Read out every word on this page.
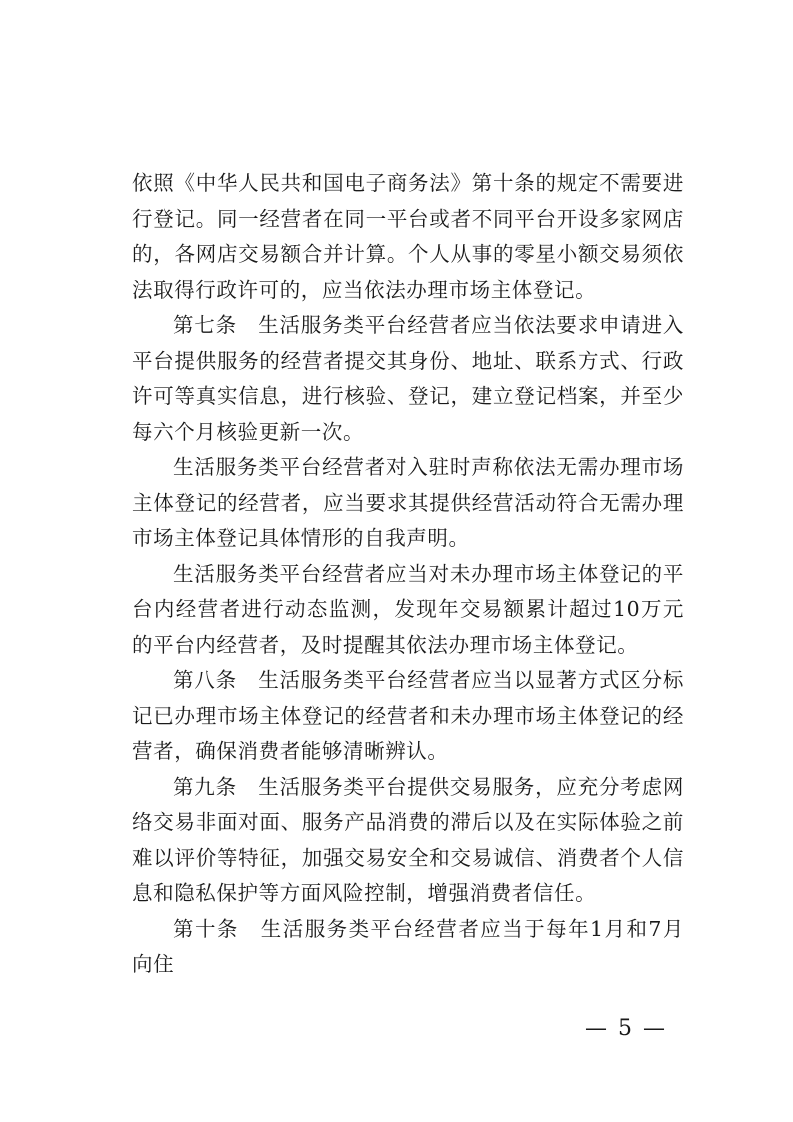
依照《中华人民共和国电子商务法》第十条的规定不需要进行登记。同一经营者在同一平台或者不同平台开设多家网店的，各网店交易额合并计算。个人从事的零星小额交易须依法取得行政许可的，应当依法办理市场主体登记。

第七条　生活服务类平台经营者应当依法要求申请进入平台提供服务的经营者提交其身份、地址、联系方式、行政许可等真实信息，进行核验、登记，建立登记档案，并至少每六个月核验更新一次。

生活服务类平台经营者对入驻时声称依法无需办理市场主体登记的经营者，应当要求其提供经营活动符合无需办理市场主体登记具体情形的自我声明。

生活服务类平台经营者应当对未办理市场主体登记的平台内经营者进行动态监测，发现年交易额累计超过10万元的平台内经营者，及时提醒其依法办理市场主体登记。

第八条　生活服务类平台经营者应当以显著方式区分标记已办理市场主体登记的经营者和未办理市场主体登记的经营者，确保消费者能够清晰辨认。

第九条　生活服务类平台提供交易服务，应充分考虑网络交易非面对面、服务产品消费的滞后以及在实际体验之前难以评价等特征，加强交易安全和交易诚信、消费者个人信息和隐私保护等方面风险控制，增强消费者信任。

第十条　生活服务类平台经营者应当于每年1月和7月向住

— 5 —
